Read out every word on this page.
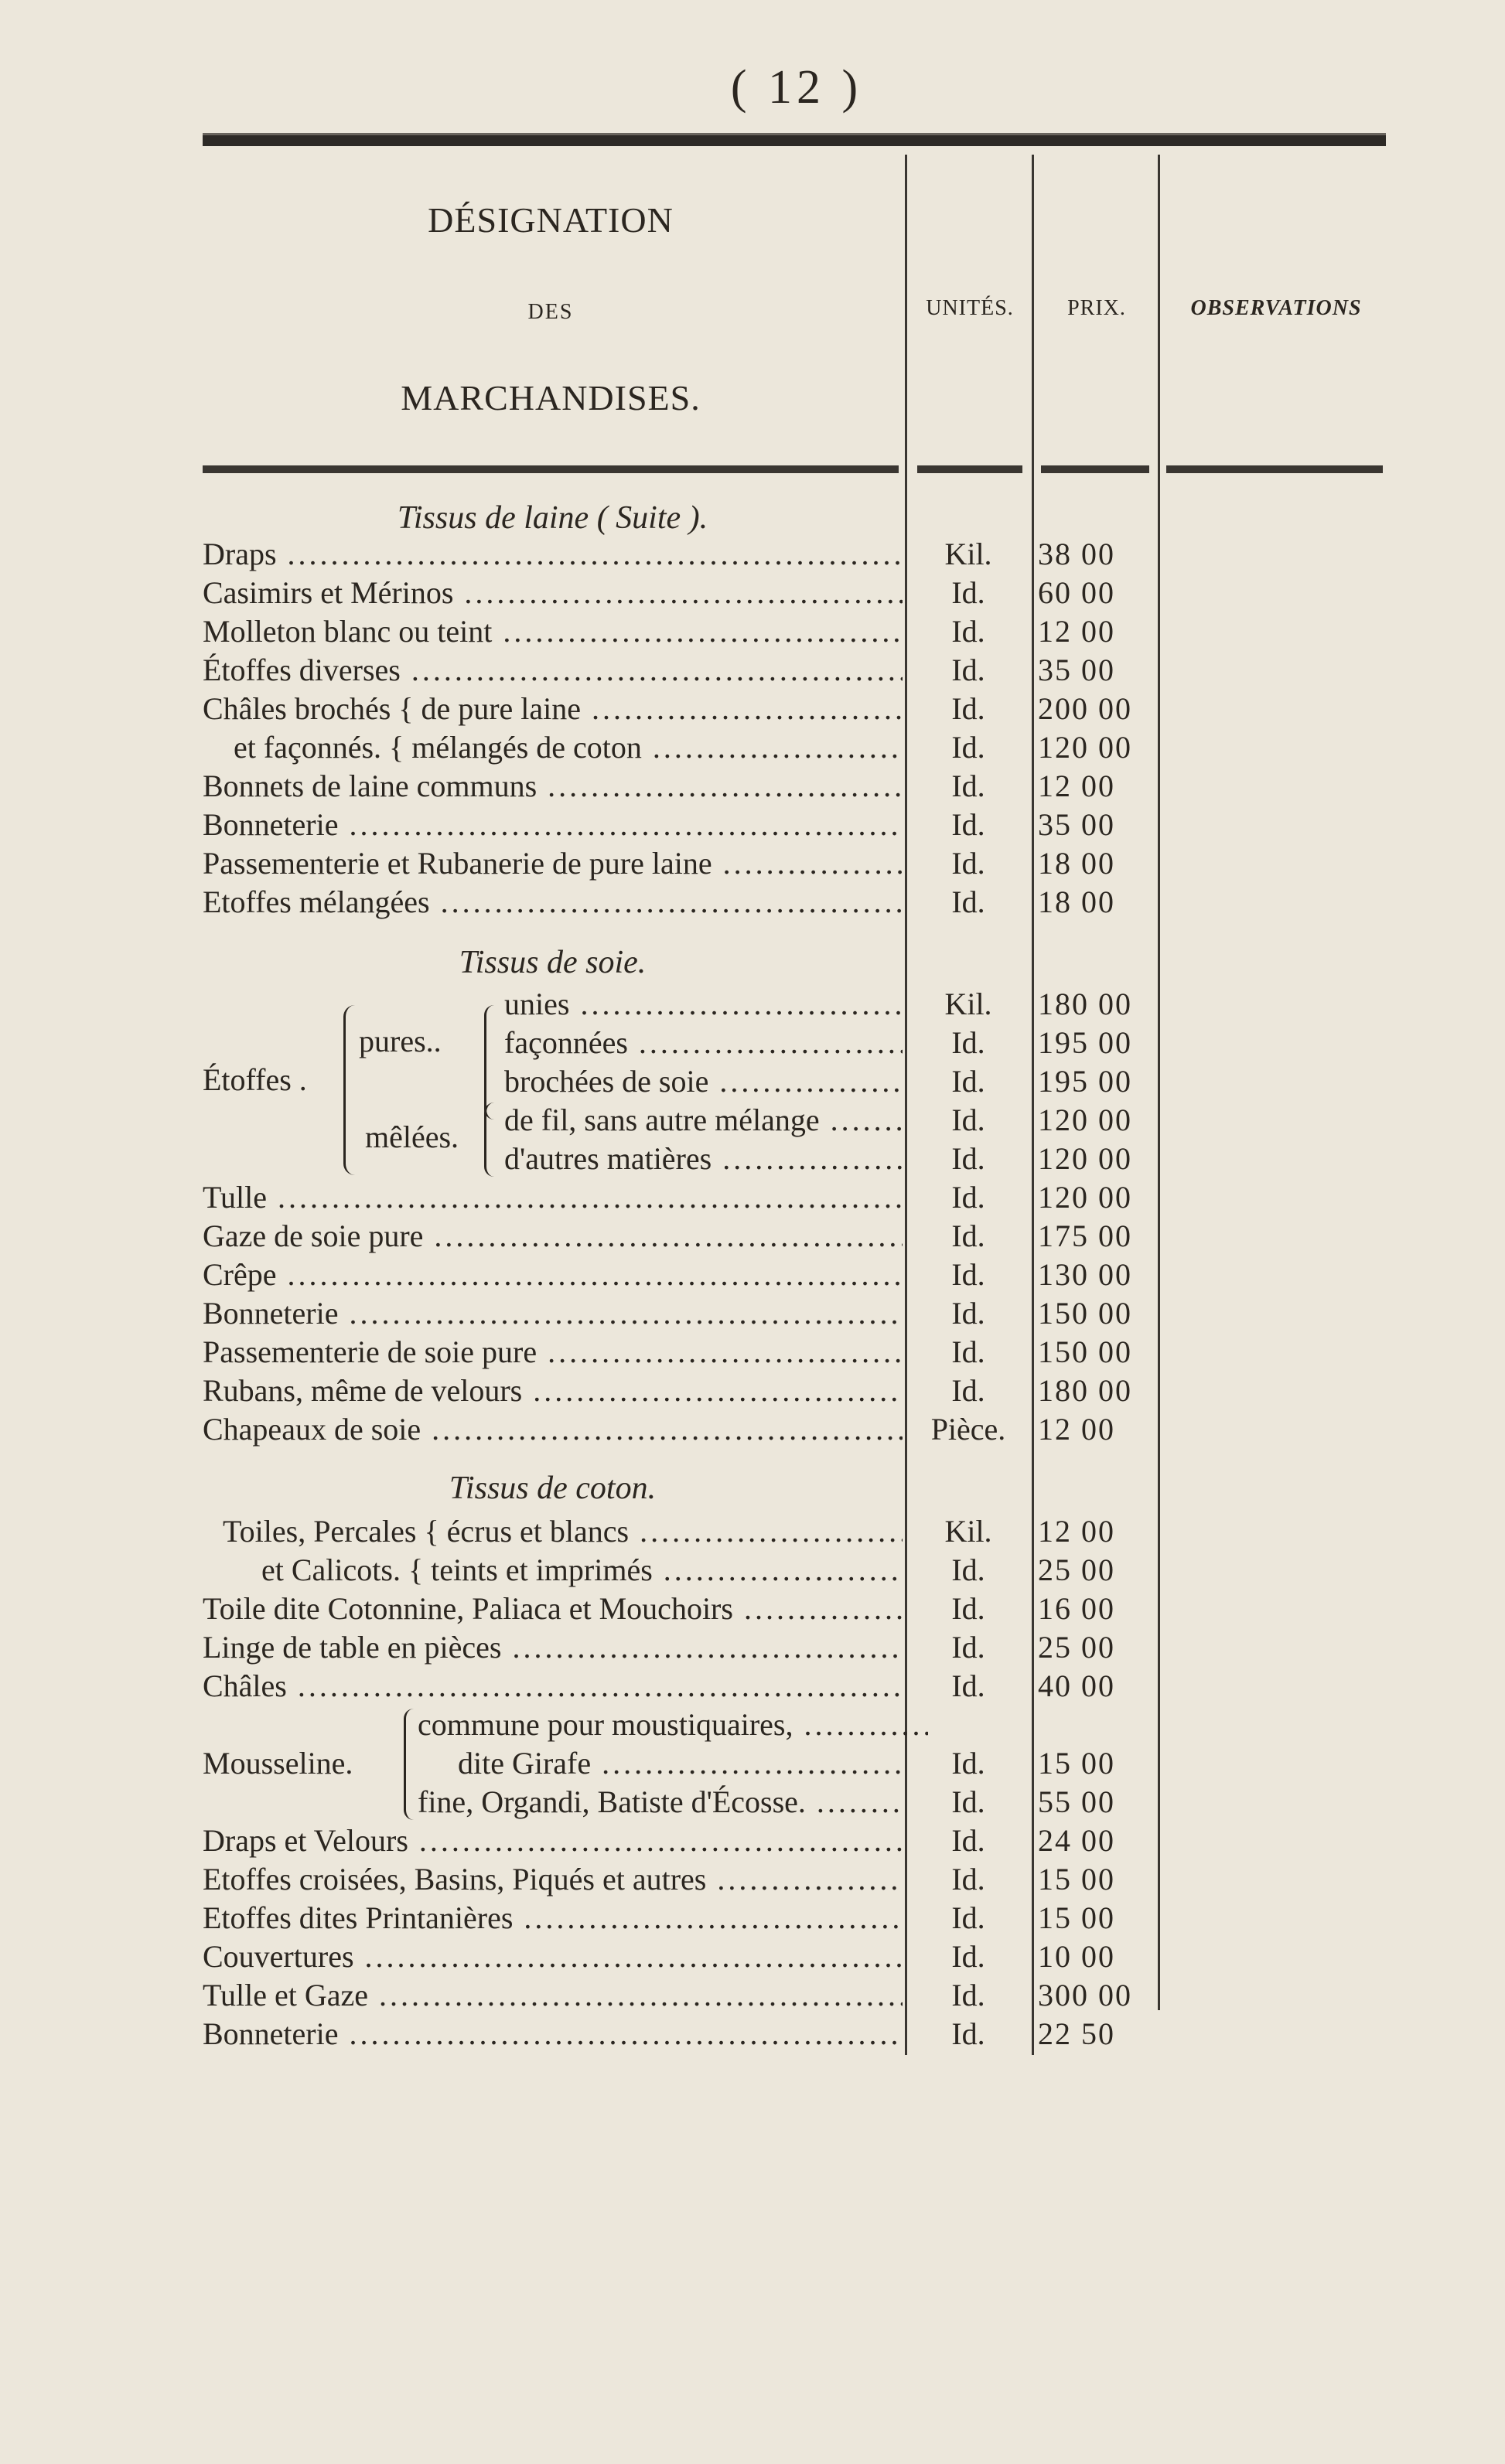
( 12 )
DÉSIGNATION
DES
MARCHANDISES.
UNITÉS.	PRIX.	OBSERVATIONS
Tissus de laine ( Suite ).
Draps .....	Kil.	38 00
Casimirs et Mérinos .....	Id.	60 00
Molleton blanc ou teint .....	Id.	12 00
Étoffes diverses .....	Id.	35 00
Châles brochés { de pure laine .....	Id.	200 00
et façonnés. { mélangés de coton .....	Id.	120 00
Bonnets de laine communs .....	Id.	12 00
Bonneterie .....	Id.	35 00
Passementerie et Rubanerie de pure laine .....	Id.	18 00
Etoffes mélangées .....	Id.	18 00
Tissus de soie.
Étoffes .
pures..
mêlées.
unies .....	Kil.	180 00
façonnées .....	Id.	195 00
brochées de soie .....	Id.	195 00
de fil, sans autre mélange .....	Id.	120 00
d'autres matières .....	Id.	120 00
Tulle .....	Id.	120 00
Gaze de soie pure .....	Id.	175 00
Crêpe .....	Id.	130 00
Bonneterie .....	Id.	150 00
Passementerie de soie pure .....	Id.	150 00
Rubans, même de velours .....	Id.	180 00
Chapeaux de soie .....	Pièce.	12 00
Tissus de coton.
Toiles, Percales { écrus et blancs .....	Kil.	12 00
et Calicots. { teints et imprimés .....	Id.	25 00
Toile dite Cotonnine, Paliaca et Mouchoirs .....	Id.	16 00
Linge de table en pièces .....	Id.	25 00
Châles .....	Id.	40 00
Mousseline.
commune pour moustiquaires, .....
dite Girafe .....	Id.	15 00
fine, Organdi, Batiste d'Écosse. .....	Id.	55 00
Draps et Velours .....	Id.	24 00
Etoffes croisées, Basins, Piqués et autres .....	Id.	15 00
Etoffes dites Printanières .....	Id.	15 00
Couvertures .....	Id.	10 00
Tulle et Gaze .....	Id.	300 00
Bonneterie .....	Id.	22 50
